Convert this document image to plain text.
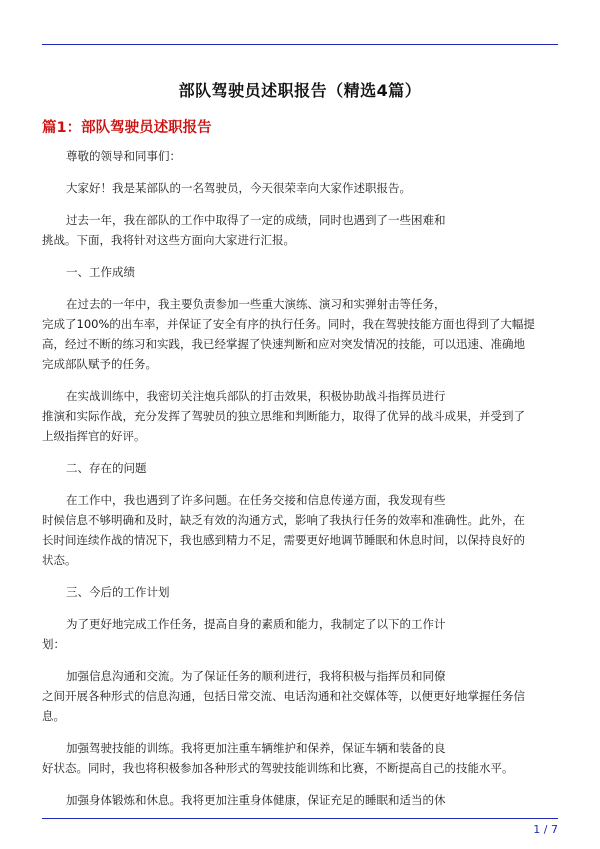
部队驾驶员述职报告（精选4篇）
篇1：部队驾驶员述职报告
尊敬的领导和同事们：
大家好！我是某部队的一名驾驶员，今天很荣幸向大家作述职报告。
过去一年，我在部队的工作中取得了一定的成绩，同时也遇到了一些困难和
挑战。下面，我将针对这些方面向大家进行汇报。
一、工作成绩
在过去的一年中，我主要负责参加一些重大演练、演习和实弹射击等任务，
完成了100%的出车率，并保证了安全有序的执行任务。同时，我在驾驶技能方面也得到了大幅提
高，经过不断的练习和实践，我已经掌握了快速判断和应对突发情况的技能，可以迅速、准确地
完成部队赋予的任务。
在实战训练中，我密切关注炮兵部队的打击效果，积极协助战斗指挥员进行
推演和实际作战，充分发挥了驾驶员的独立思维和判断能力，取得了优异的战斗成果，并受到了
上级指挥官的好评。
二、存在的问题
在工作中，我也遇到了许多问题。在任务交接和信息传递方面，我发现有些
时候信息不够明确和及时，缺乏有效的沟通方式，影响了我执行任务的效率和准确性。此外，在
长时间连续作战的情况下，我也感到精力不足，需要更好地调节睡眠和休息时间，以保持良好的
状态。
三、今后的工作计划
为了更好地完成工作任务，提高自身的素质和能力，我制定了以下的工作计
划：
加强信息沟通和交流。为了保证任务的顺利进行，我将积极与指挥员和同僚
之间开展各种形式的信息沟通，包括日常交流、电话沟通和社交媒体等，以便更好地掌握任务信
息。
加强驾驶技能的训练。我将更加注重车辆维护和保养，保证车辆和装备的良
好状态。同时，我也将积极参加各种形式的驾驶技能训练和比赛，不断提高自己的技能水平。
加强身体锻炼和休息。我将更加注重身体健康，保证充足的睡眠和适当的休
1 / 7
